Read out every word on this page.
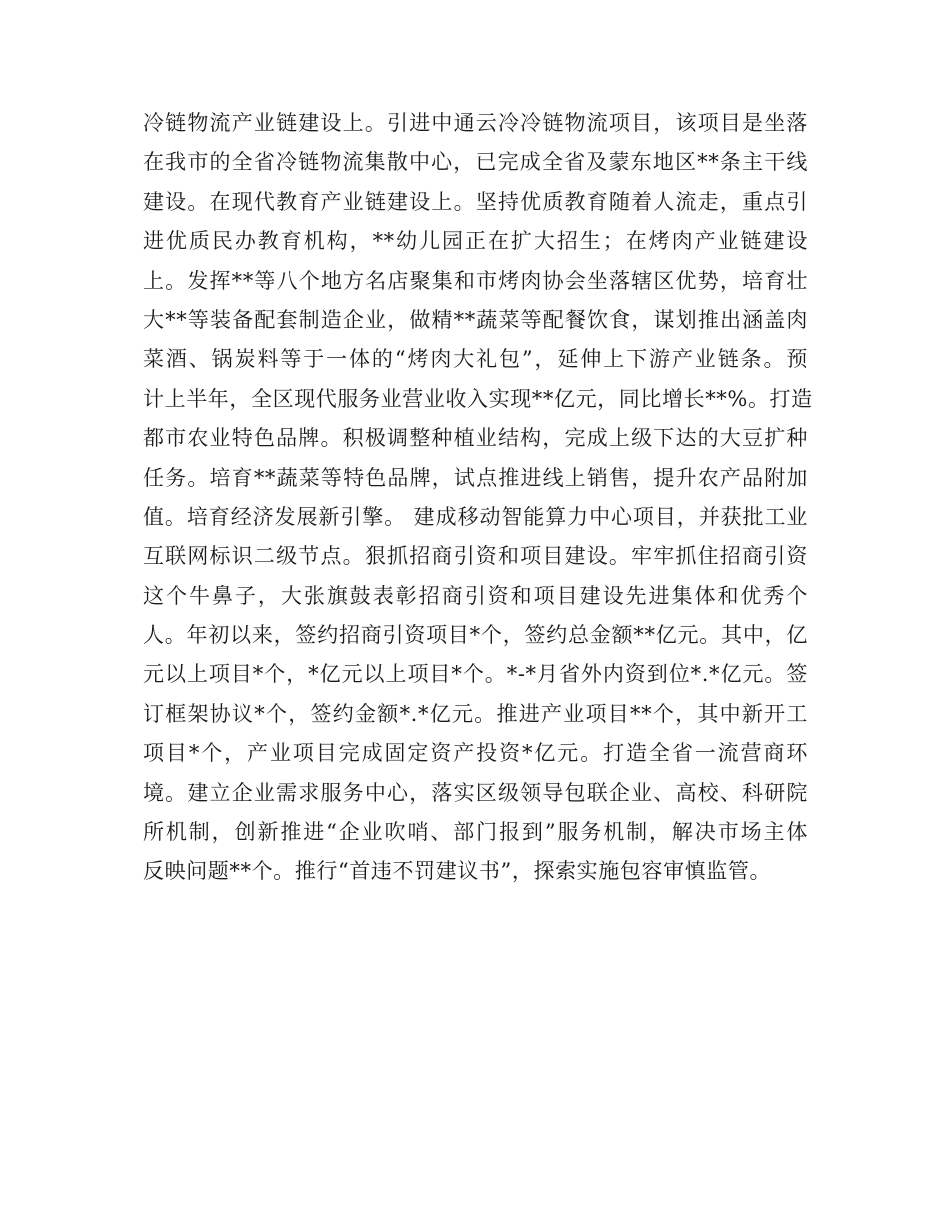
冷链物流产业链建设上。引进中通云冷冷链物流项目，该项目是坐落
在我市的全省冷链物流集散中心，已完成全省及蒙东地区**条主干线
建设。在现代教育产业链建设上。坚持优质教育随着人流走，重点引
进优质民办教育机构，**幼儿园正在扩大招生；在烤肉产业链建设
上。发挥**等八个地方名店聚集和市烤肉协会坐落辖区优势，培育壮
大**等装备配套制造企业，做精**蔬菜等配餐饮食，谋划推出涵盖肉
菜酒、锅炭料等于一体的“烤肉大礼包”，延伸上下游产业链条。预
计上半年，全区现代服务业营业收入实现**亿元，同比增长**%。打造
都市农业特色品牌。积极调整种植业结构，完成上级下达的大豆扩种
任务。培育**蔬菜等特色品牌，试点推进线上销售，提升农产品附加
值。培育经济发展新引擎。 建成移动智能算力中心项目，并获批工业
互联网标识二级节点。狠抓招商引资和项目建设。牢牢抓住招商引资
这个牛鼻子，大张旗鼓表彰招商引资和项目建设先进集体和优秀个
人。年初以来，签约招商引资项目*个，签约总金额**亿元。其中，亿
元以上项目*个，*亿元以上项目*个。*-*月省外内资到位*.*亿元。签
订框架协议*个，签约金额*.*亿元。推进产业项目**个，其中新开工
项目*个，产业项目完成固定资产投资*亿元。打造全省一流营商环
境。建立企业需求服务中心，落实区级领导包联企业、高校、科研院
所机制，创新推进“企业吹哨、部门报到”服务机制，解决市场主体
反映问题**个。推行“首违不罚建议书”，探索实施包容审慎监管。
